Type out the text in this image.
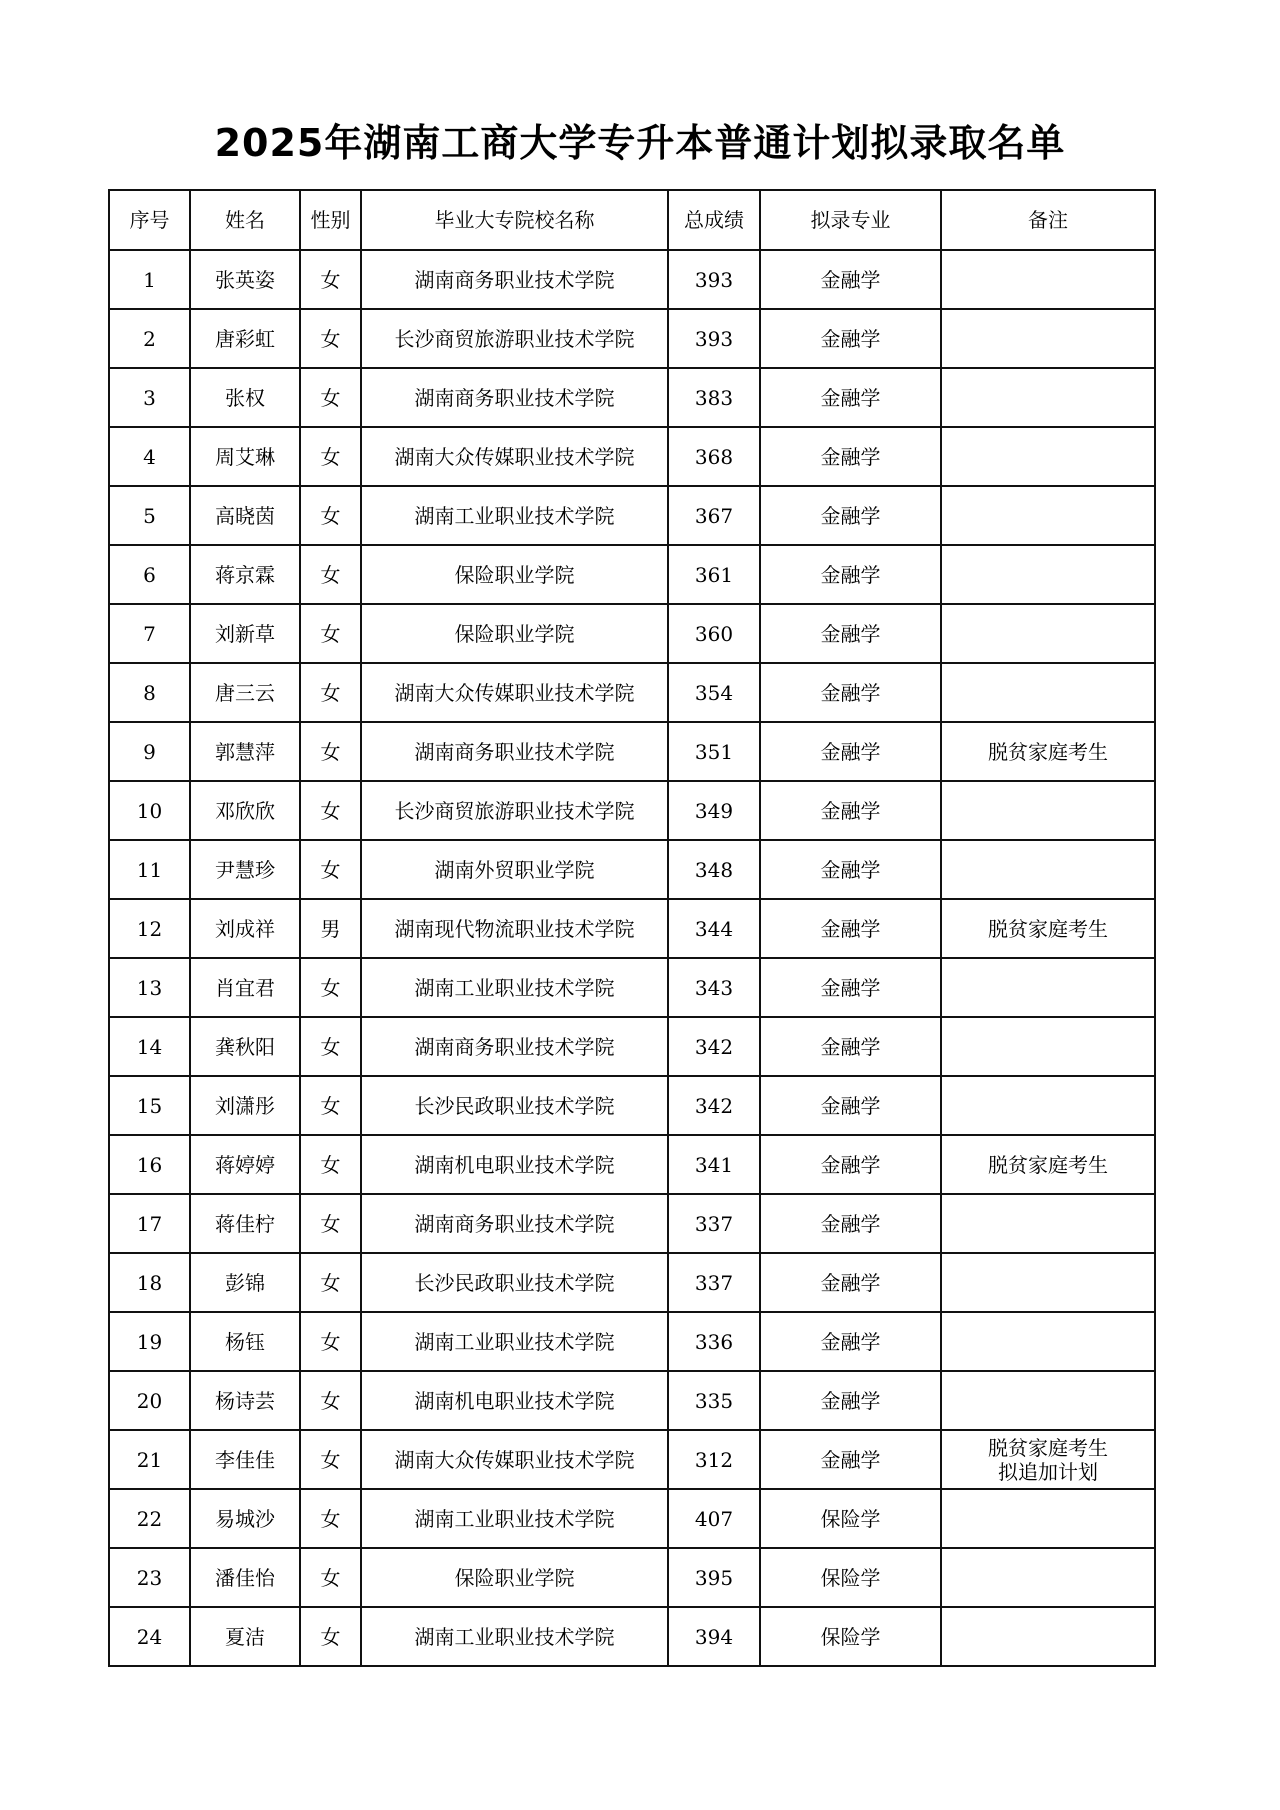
2025年湖南工商大学专升本普通计划拟录取名单
序号	姓名	性别	毕业大专院校名称	总成绩	拟录专业	备注
1	张英姿	女	湖南商务职业技术学院	393	金融学	
2	唐彩虹	女	长沙商贸旅游职业技术学院	393	金融学	
3	张权	女	湖南商务职业技术学院	383	金融学	
4	周艾琳	女	湖南大众传媒职业技术学院	368	金融学	
5	高晓茵	女	湖南工业职业技术学院	367	金融学	
6	蒋京霖	女	保险职业学院	361	金融学	
7	刘新草	女	保险职业学院	360	金融学	
8	唐三云	女	湖南大众传媒职业技术学院	354	金融学	
9	郭慧萍	女	湖南商务职业技术学院	351	金融学	脱贫家庭考生

10	邓欣欣	女	长沙商贸旅游职业技术学院	349	金融学	
11	尹慧珍	女	湖南外贸职业学院	348	金融学	
12	刘成祥	男	湖南现代物流职业技术学院	344	金融学	脱贫家庭考生

13	肖宜君	女	湖南工业职业技术学院	343	金融学	
14	龚秋阳	女	湖南商务职业技术学院	342	金融学	
15	刘潇彤	女	长沙民政职业技术学院	342	金融学	
16	蒋婷婷	女	湖南机电职业技术学院	341	金融学	脱贫家庭考生

17	蒋佳柠	女	湖南商务职业技术学院	337	金融学	
18	彭锦	女	长沙民政职业技术学院	337	金融学	
19	杨钰	女	湖南工业职业技术学院	336	金融学	
20	杨诗芸	女	湖南机电职业技术学院	335	金融学	
21	李佳佳	女	湖南大众传媒职业技术学院	312	金融学	脱贫家庭考生
拟追加计划

22	易城沙	女	湖南工业职业技术学院	407	保险学	
23	潘佳怡	女	保险职业学院	395	保险学	
24	夏洁	女	湖南工业职业技术学院	394	保险学	
